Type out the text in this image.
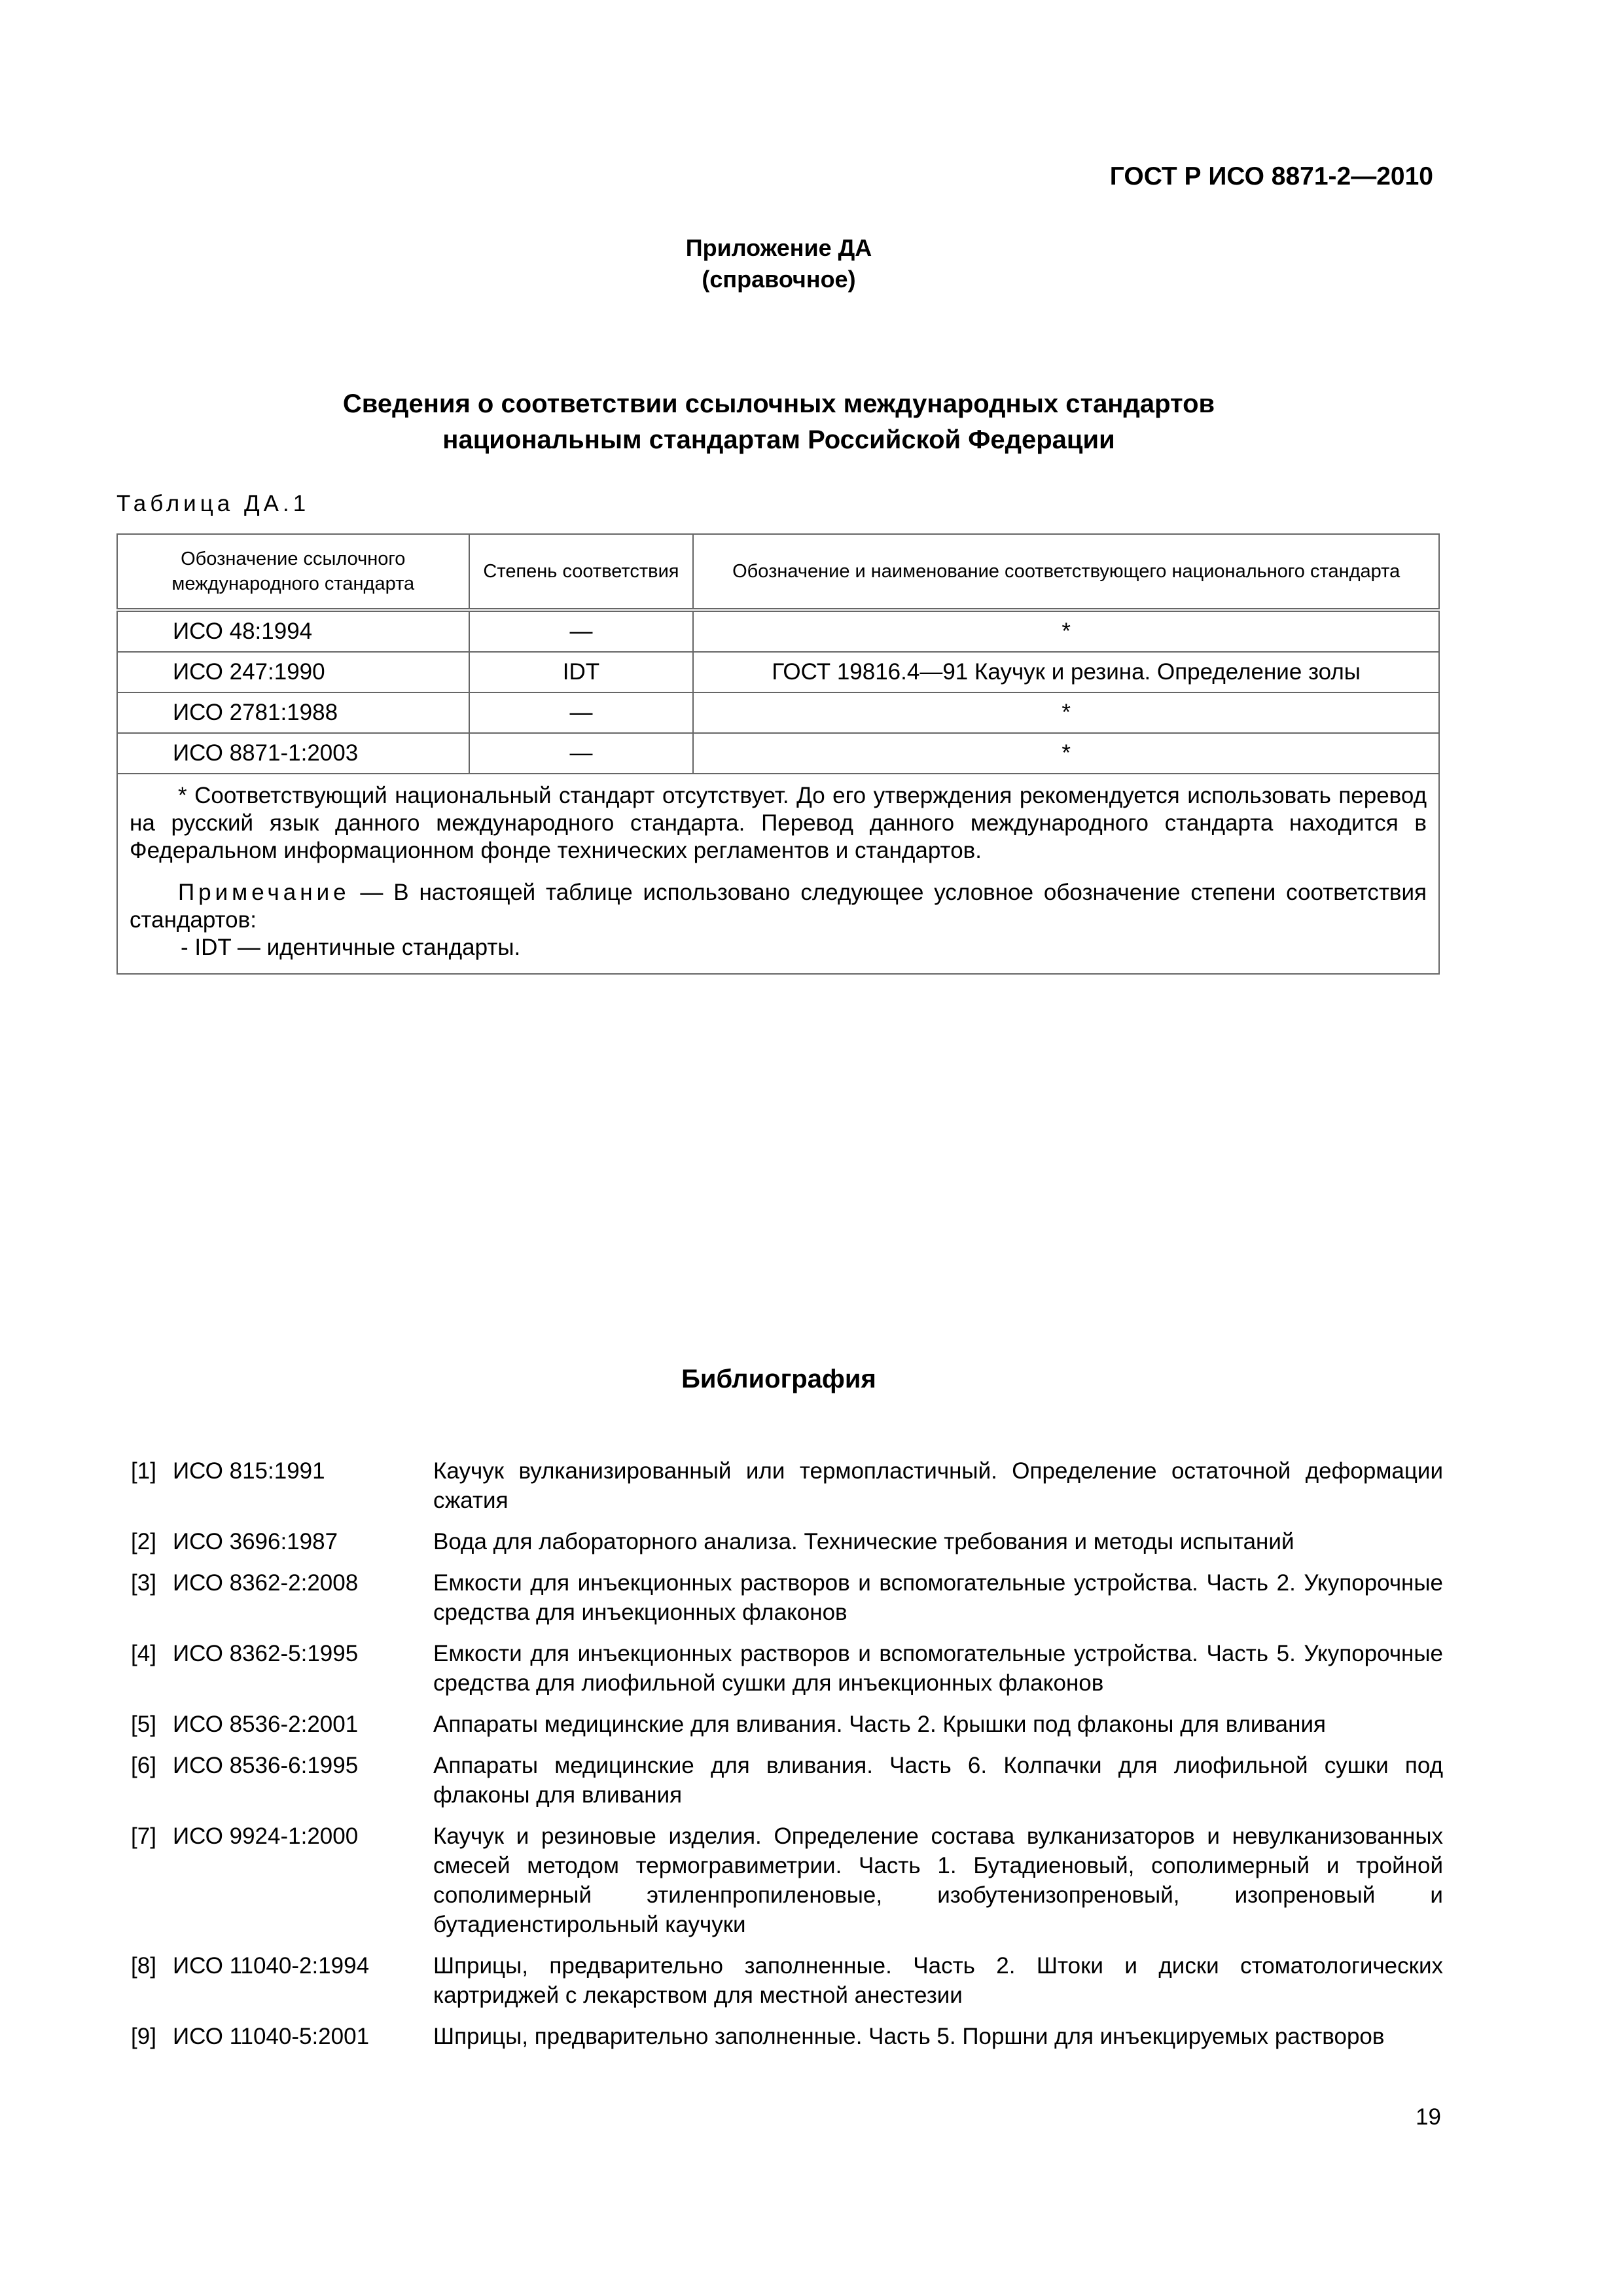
ГОСТ Р ИСО 8871-2—2010
Приложение ДА
(справочное)
Сведения о соответствии ссылочных международных стандартов
национальным стандартам Российской Федерации
Таблица ДА.1
Обозначение ссылочного международного стандарта	Степень соответствия	Обозначение и наименование соответствующего национального стандарта
ИСО 48:1994	—	*
ИСО 247:1990	IDT	ГОСТ 19816.4—91 Каучук и резина. Определение золы
ИСО 2781:1988	—	*
ИСО 8871-1:2003	—	*

* Соответствующий национальный стандарт отсутствует. До его утверждения рекомендуется использовать перевод на русский язык данного международного стандарта. Перевод данного международного стандарта находится в Федеральном информационном фонде технических регламентов и стандартов.
Примечание — В настоящей таблице использовано следующее условное обозначение степени соответствия стандартов:
- IDT — идентичные стандарты.		
Библиография
[1] ИСО 815:1991	Каучук вулканизированный или термопластичный. Определение остаточной деформации сжатия
[2] ИСО 3696:1987	Вода для лабораторного анализа. Технические требования и методы испытаний
[3] ИСО 8362-2:2008	Емкости для инъекционных растворов и вспомогательные устройства. Часть 2. Укупорочные средства для инъекционных флаконов
[4] ИСО 8362-5:1995	Емкости для инъекционных растворов и вспомогательные устройства. Часть 5. Укупорочные средства для лиофильной сушки для инъекционных флаконов
[5] ИСО 8536-2:2001	Аппараты медицинские для вливания. Часть 2. Крышки под флаконы для вливания
[6] ИСО 8536-6:1995	Аппараты медицинские для вливания. Часть 6. Колпачки для лиофильной сушки под флаконы для вливания
[7] ИСО 9924-1:2000	Каучук и резиновые изделия. Определение состава вулканизаторов и невулканизованных смесей методом термогравиметрии. Часть 1. Бутадиеновый, сополимерный и тройной сополимерный этиленпропиленовые, изобутенизопреновый, изопреновый и бутадиенстирольный каучуки
[8] ИСО 11040-2:1994	Шприцы, предварительно заполненные. Часть 2. Штоки и диски стоматологических картриджей с лекарством для местной анестезии
[9] ИСО 11040-5:2001	Шприцы, предварительно заполненные. Часть 5. Поршни для инъекцируемых растворов
19
